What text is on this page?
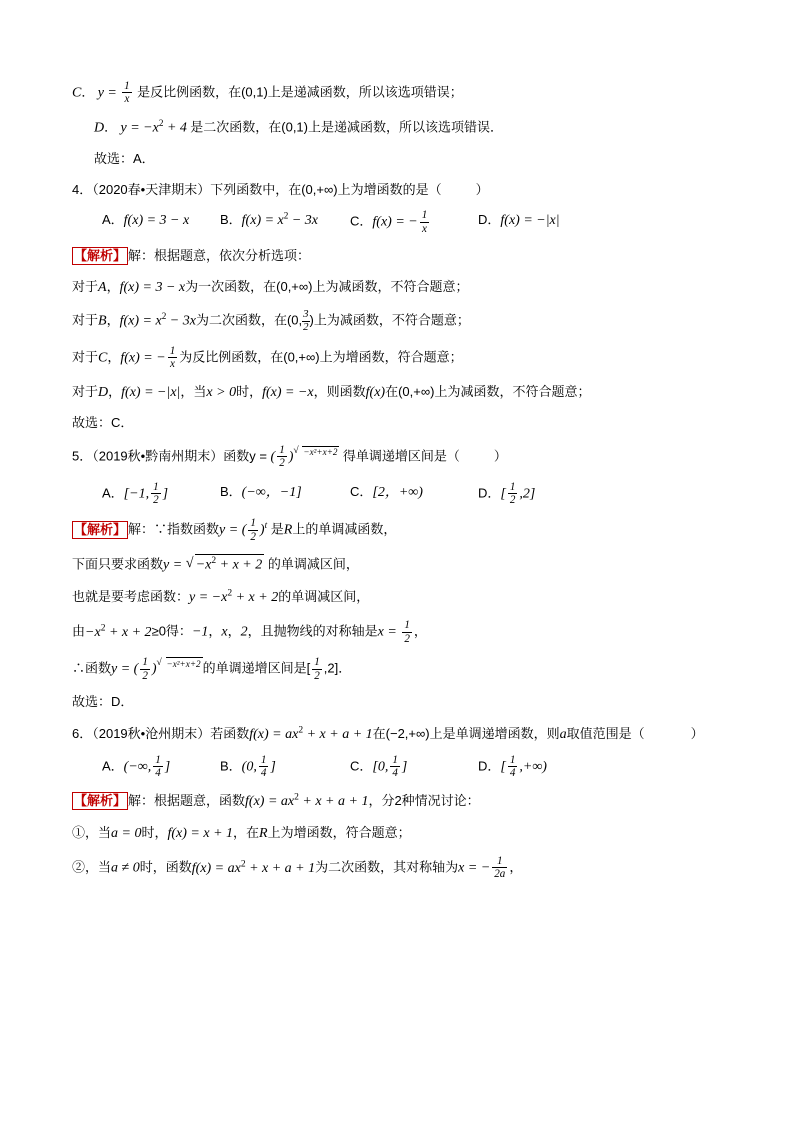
C． $y = \frac{1}{x}$ 是反比例函数，在(0,1)上是递减函数，所以该选项错误；
D． $y = -x^2 + 4$ 是二次函数，在(0,1)上是递减函数，所以该选项错误．
故选：A．
4．（2020春•天津期末）下列函数中，在(0,+∞)上为增函数的是（	）
A．f(x) = 3 − x	B．$f(x) = x^2 - 3x$	C．f(x) = − $\frac{1}{x}$	D．f(x) = −|x|
【解析】 解：根据题意，依次分析选项：
对于A，f(x) = 3 − x为一次函数，在(0,+∞)上为减函数，不符合题意；
对于B，$f(x) = x^2 - 3x$为二次函数，在(0, $\frac{3}{2}$ )上为减函数，不符合题意；
对于C，f(x) = − $\frac{1}{x}$ 为反比例函数，在(0,+∞)上为增函数，符合题意；
对于D，f(x) = −|x|，当x > 0时，f(x) = −x，则函数f(x)在(0,+∞)上为减函数，不符合题意；
故选：C．
5．（2019秋•黔南州期末）函数y = ( $\frac{1}{2}$ ) √ $^{-x^2+x+2}$ 得单调递增区间是（	）
A．[−1, $\frac{1}{2}$ ]	B．(−∞，−1]	C．[2，+∞)	D．[ $\frac{1}{2} ,2$]
【解析】 解：∵指数函数y = ( $\frac{1}{2} )^t$ 是R上的单调减函数，
下面只要求函数y = √ $-x^2 + x + 2$ 的单调减区间，
也就是要考虑函数：$y = -x^2 + x + 2$的单调减区间，
由$-x^2 + x + 2\ge 0$得：−1，x，2，且抛物线的对称轴是$x = \frac{1}{2}$ ，
∴函数y = ( $\frac{1}{2}$ ) √ $^{-x^2+x+2}$ 的单调递增区间是[ $\frac{1}{2} ,2$]．
故选：D．
6．（2019秋•沧州期末）若函数$f(x) = ax^2 + x + a + 1$在(−2,+∞)上是单调递增函数，则a取值范围是（	）
A．(−∞, $\frac{1}{4}$ ]	B．(0, $\frac{1}{4}$ ]	C．[0, $\frac{1}{4}$ ]	D．[ $\frac{1}{4}$ ,+∞)
【解析】 解：根据题意，函数$f(x) = ax^2 + x + a + 1$，分2种情况讨论：
①，当a = 0时，f(x) = x + 1，在R上为增函数，符合题意；
②，当a ≠ 0时，函数$f(x) = ax^2 + x + a + 1$为二次函数，其对称轴为x = − $\frac{1}{2a}$ ，
